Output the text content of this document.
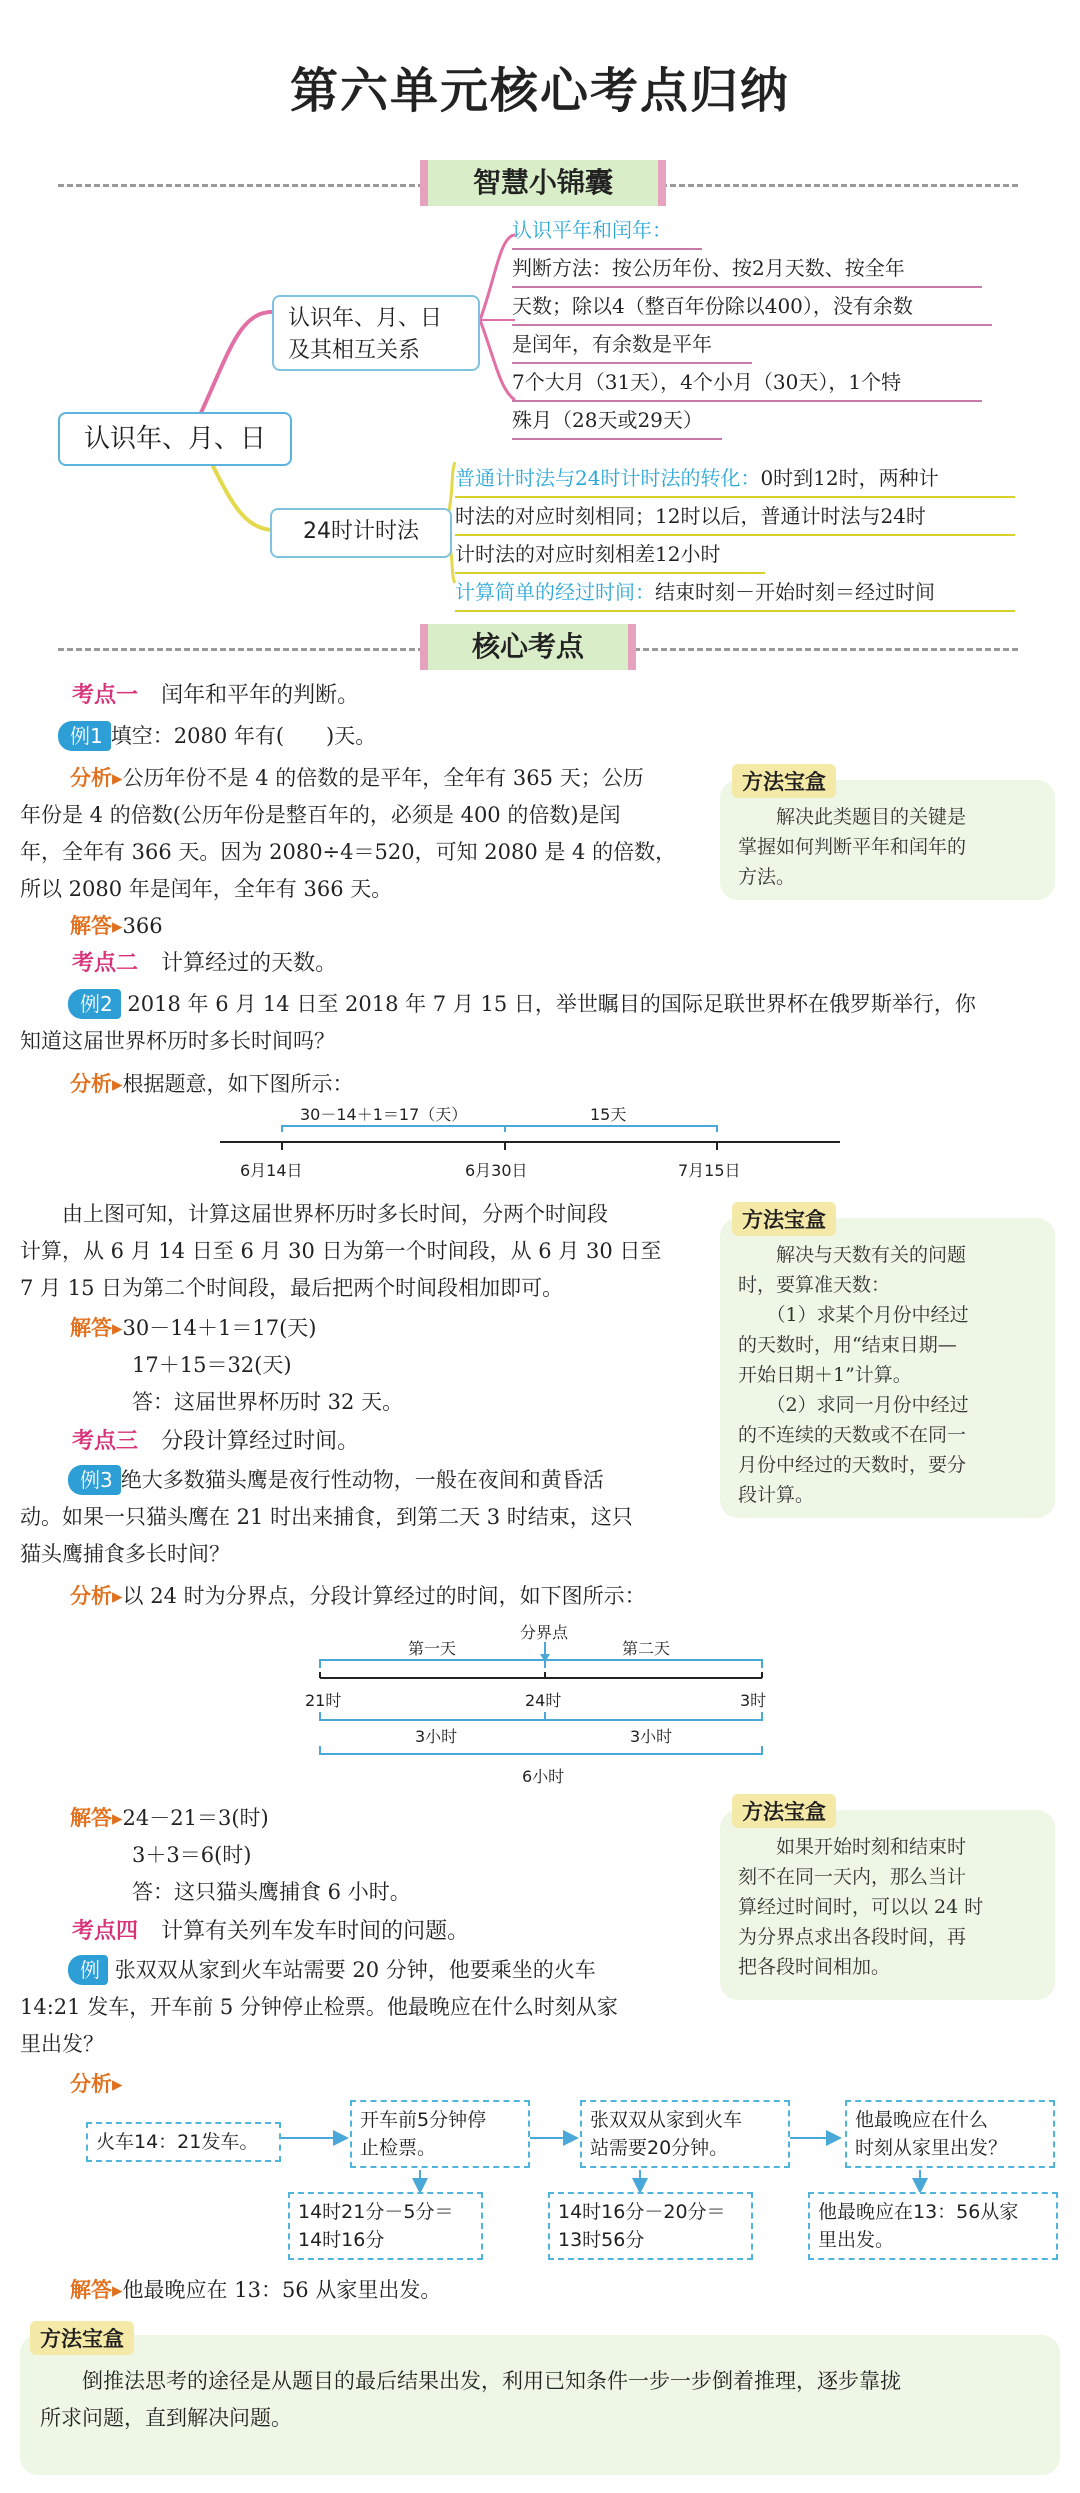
第六单元核心考点归纳
智慧小锦囊
认识年、月、日
认识年、月、日
及其相互关系
24时计时法
认识平年和闰年：
判断方法：按公历年份、按2月天数、按全年
天数；除以4（整百年份除以400），没有余数
是闰年，有余数是平年
7个大月（31天），4个小月（30天），1个特
殊月（28天或29天）
普通计时法与24时计时法的转化：0时到12时，两种计
时法的对应时刻相同；12时以后，普通计时法与24时
计时法的对应时刻相差12小时
计算简单的经过时间：结束时刻－开始时刻＝经过时间
核心考点
考点一 闰年和平年的判断。
例1 填空：2080 年有(　　)天。
分析▸公历年份不是 4 的倍数的是平年，全年有 365 天；公历
年份是 4 的倍数(公历年份是整百年的，必须是 400 的倍数)是闰
年，全年有 366 天。因为 2080÷4＝520，可知 2080 是 4 的倍数，
所以 2080 年是闰年，全年有 366 天。
解答▸366
方法宝盒
　　解决此类题目的关键是
掌握如何判断平年和闰年的
方法。
考点二 计算经过的天数。
例2 2018 年 6 月 14 日至 2018 年 7 月 15 日，举世瞩目的国际足联世界杯在俄罗斯举行，你
知道这届世界杯历时多长时间吗？
分析▸根据题意，如下图所示：
30－14＋1＝17（天）	15天
6月14日	6月30日	7月15日
　　由上图可知，计算这届世界杯历时多长时间，分两个时间段
计算，从 6 月 14 日至 6 月 30 日为第一个时间段，从 6 月 30 日至
7 月 15 日为第二个时间段，最后把两个时间段相加即可。
解答▸30－14＋1＝17(天)
17＋15＝32(天)
答：这届世界杯历时 32 天。
方法宝盒
　　解决与天数有关的问题
时，要算准天数：
　　（1）求某个月份中经过
的天数时，用“结束日期—
开始日期＋1”计算。
　　（2）求同一月份中经过
的不连续的天数或不在同一
月份中经过的天数时，要分
段计算。
考点三 分段计算经过时间。
例3 绝大多数猫头鹰是夜行性动物，一般在夜间和黄昏活
动。如果一只猫头鹰在 21 时出来捕食，到第二天 3 时结束，这只
猫头鹰捕食多长时间？
分析▸以 24 时为分界点，分段计算经过的时间，如下图所示：
分界点
第一天	第二天
21时	24时	3时
3小时	3小时
6小时
解答▸24－21＝3(时)
3＋3＝6(时)
答：这只猫头鹰捕食 6 小时。
方法宝盒
　　如果开始时刻和结束时
刻不在同一天内，那么当计
算经过时间时，可以以 24 时
为分界点求出各段时间，再
把各段时间相加。
考点四 计算有关列车发车时间的问题。
例 张双双从家到火车站需要 20 分钟，他要乘坐的火车
14:21 发车，开车前 5 分钟停止检票。他最晚应在什么时刻从家
里出发？
分析▸
火车14：21发车。
开车前5分钟停
止检票。
张双双从家到火车
站需要20分钟。
他最晚应在什么
时刻从家里出发？
14时21分－5分＝
14时16分
14时16分－20分＝
13时56分
他最晚应在13：56从家
里出发。
解答▸他最晚应在 13：56 从家里出发。
方法宝盒
　　倒推法思考的途径是从题目的最后结果出发，利用已知条件一步一步倒着推理，逐步靠拢
所求问题，直到解决问题。
